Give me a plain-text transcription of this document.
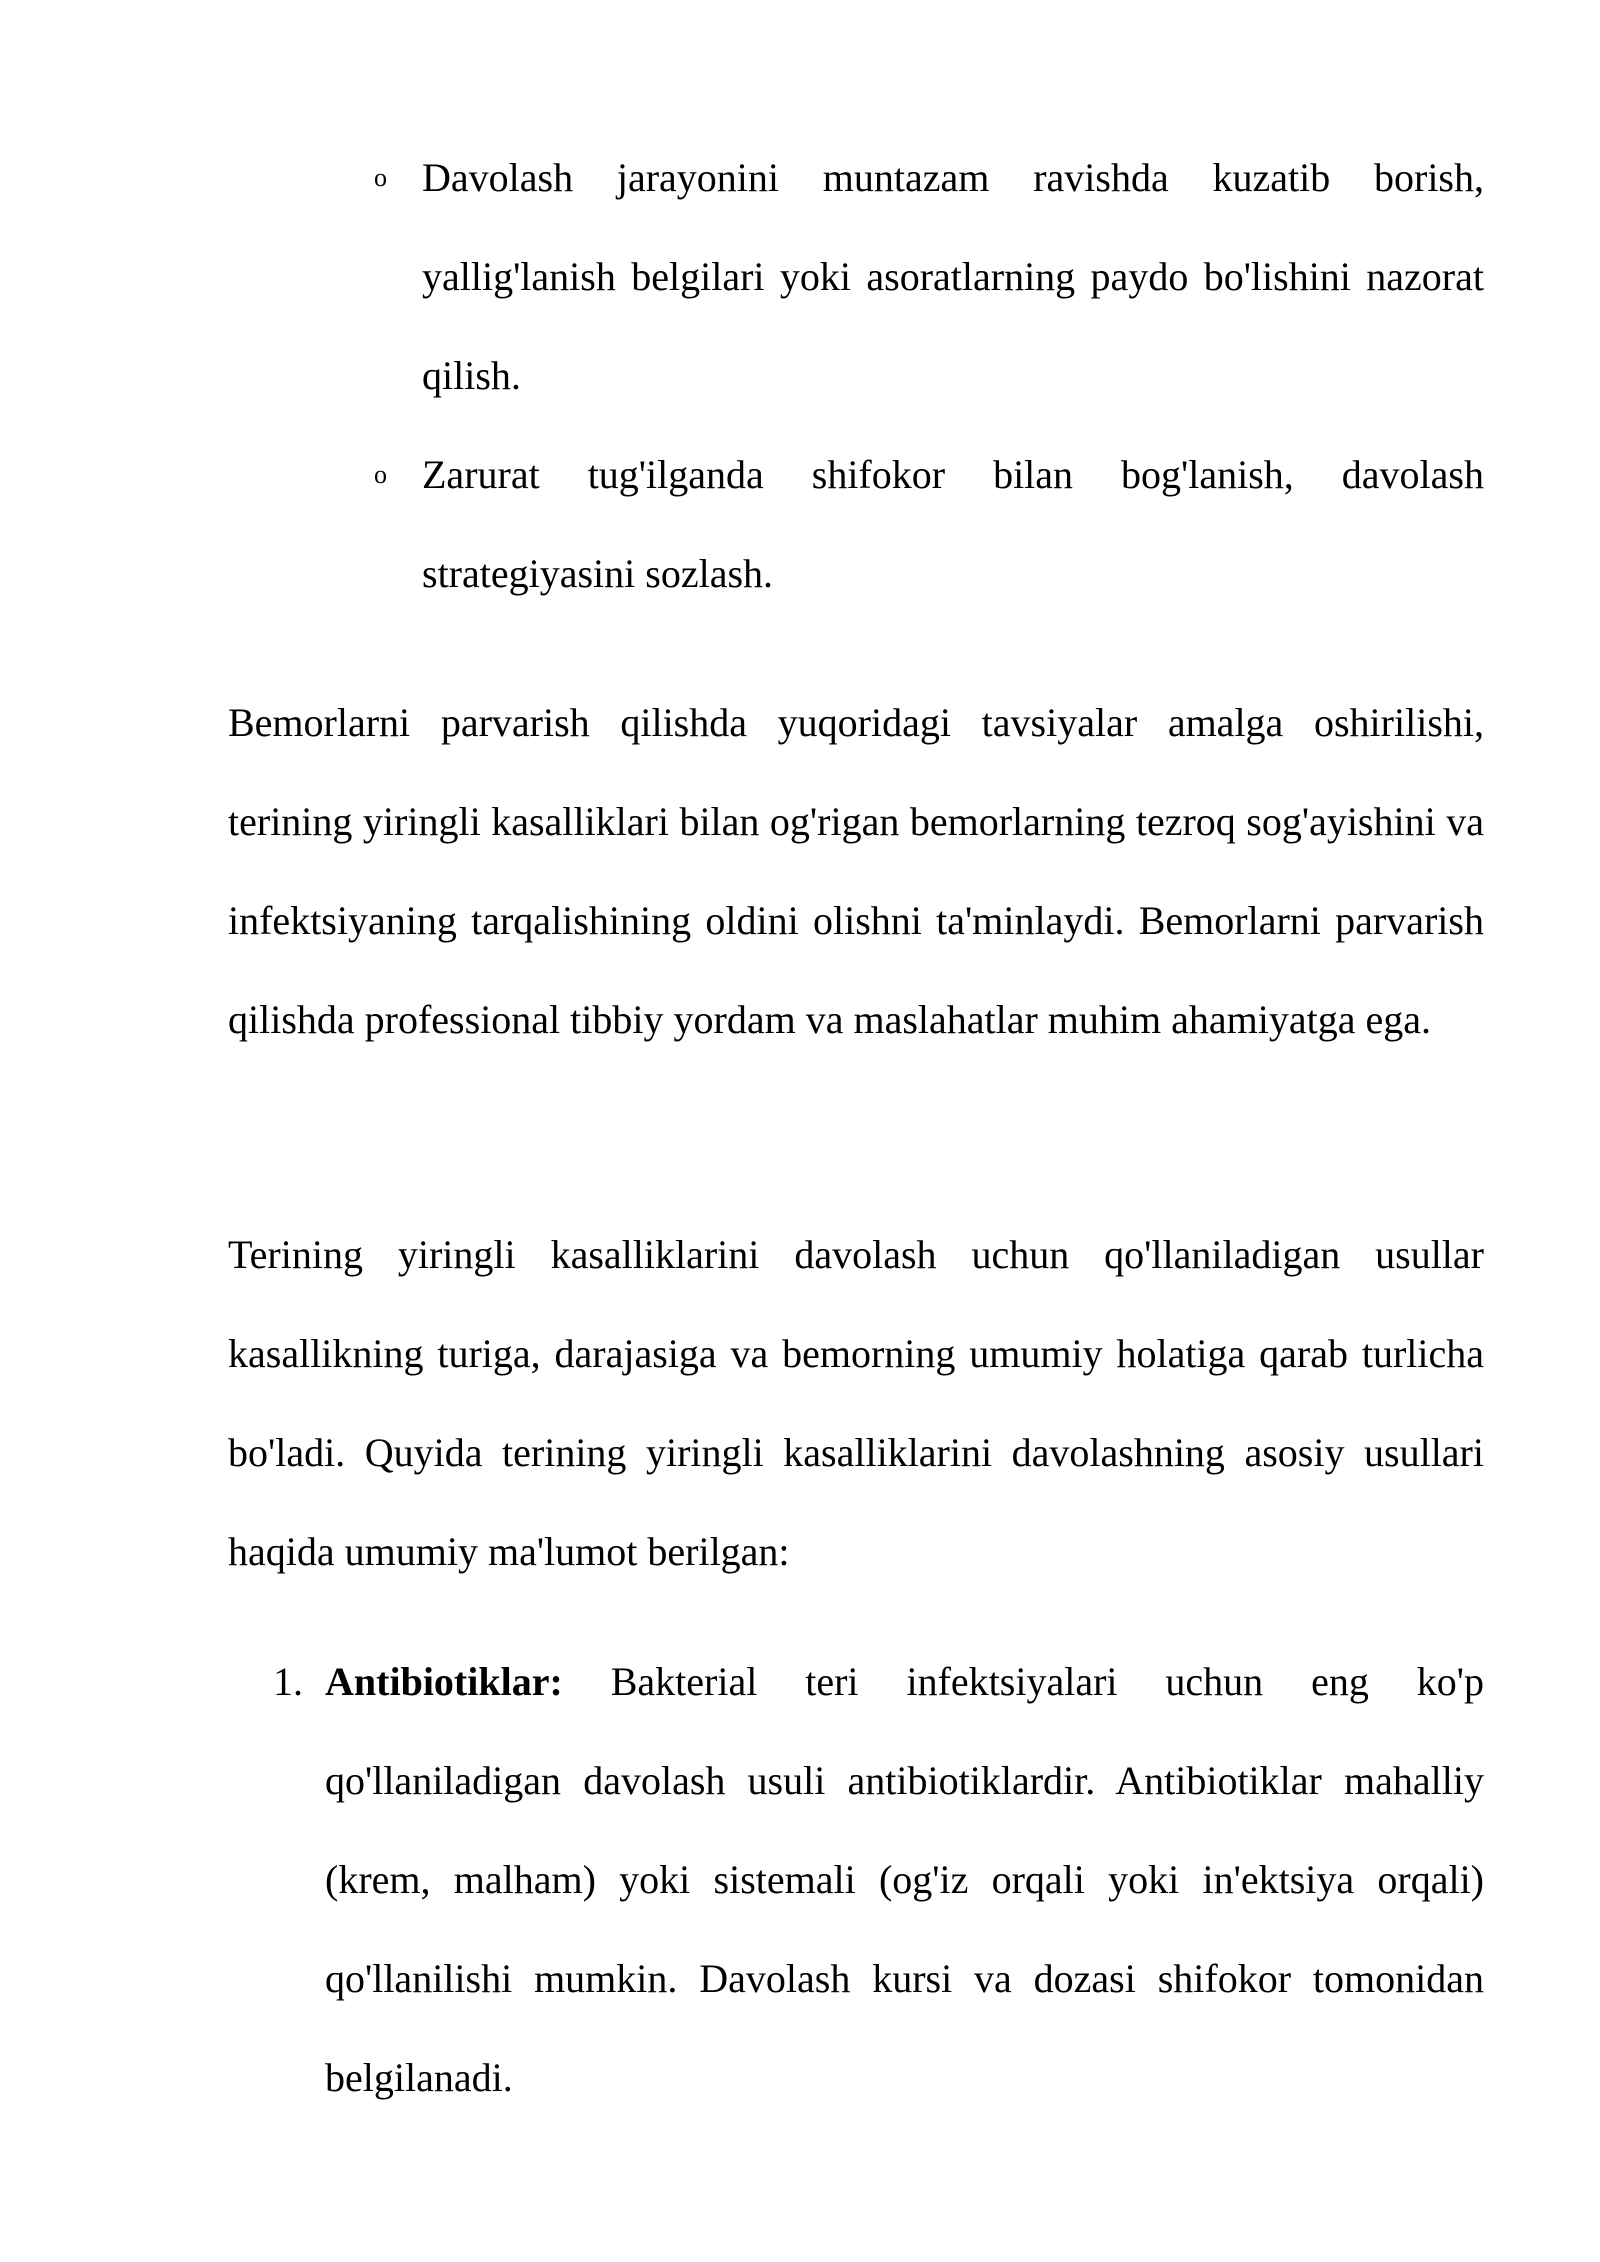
o Davolash jarayonini muntazam ravishda kuzatib borish, yallig'lanish belgilari yoki asoratlarning paydo bo'lishini nazorat qilish.
o Zarurat tug'ilganda shifokor bilan bog'lanish, davolash strategiyasini sozlash.

Bemorlarni parvarish qilishda yuqoridagi tavsiyalar amalga oshirilishi, terining yiringli kasalliklari bilan og'rigan bemorlarning tezroq sog'ayishini va infektsiyaning tarqalishining oldini olishni ta'minlaydi. Bemorlarni parvarish qilishda professional tibbiy yordam va maslahatlar muhim ahamiyatga ega.

Terining yiringli kasalliklarini davolash uchun qo'llaniladigan usullar kasallikning turiga, darajasiga va bemorning umumiy holatiga qarab turlicha bo'ladi. Quyida terining yiringli kasalliklarini davolashning asosiy usullari haqida umumiy ma'lumot berilgan:

1. Antibiotiklar: Bakterial teri infektsiyalari uchun eng ko'p qo'llaniladigan davolash usuli antibiotiklardir. Antibiotiklar mahalliy (krem, malham) yoki sistemali (og'iz orqali yoki in'ektsiya orqali) qo'llanilishi mumkin. Davolash kursi va dozasi shifokor tomonidan belgilanadi.
